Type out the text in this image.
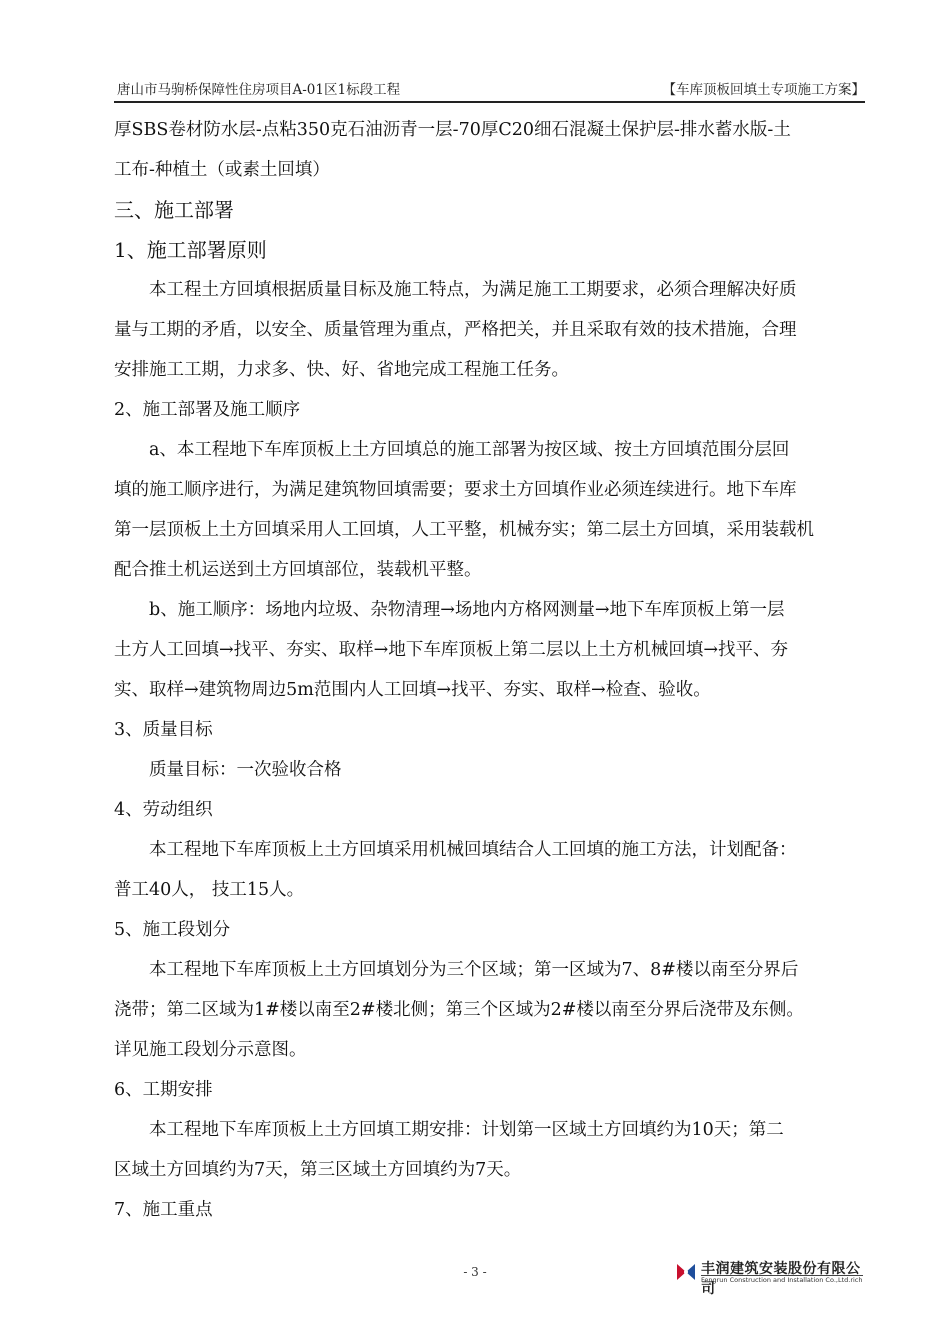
唐山市马驹桥保障性住房项目A-01区1标段工程	【车库顶板回填土专项施工方案】
厚SBS卷材防水层-点粘350克石油沥青一层-70厚C20细石混凝土保护层-排水蓄水版-土
工布-种植土（或素土回填）
三、施工部署
1、施工部署原则
本工程土方回填根据质量目标及施工特点，为满足施工工期要求，必须合理解决好质
量与工期的矛盾，以安全、质量管理为重点，严格把关，并且采取有效的技术措施，合理
安排施工工期，力求多、快、好、省地完成工程施工任务。
2、施工部署及施工顺序
a、本工程地下车库顶板上土方回填总的施工部署为按区域、按土方回填范围分层回
填的施工顺序进行，为满足建筑物回填需要；要求土方回填作业必须连续进行。地下车库
第一层顶板上土方回填采用人工回填，人工平整，机械夯实；第二层土方回填，采用装载机
配合推土机运送到土方回填部位，装载机平整。
b、施工顺序：场地内垃圾、杂物清理→场地内方格网测量→地下车库顶板上第一层
土方人工回填→找平、夯实、取样→地下车库顶板上第二层以上土方机械回填→找平、夯
实、取样→建筑物周边5m范围内人工回填→找平、夯实、取样→检查、验收。
3、质量目标
质量目标：一次验收合格
4、劳动组织
本工程地下车库顶板上土方回填采用机械回填结合人工回填的施工方法，计划配备：
普工40人， 技工15人。
5、施工段划分
本工程地下车库顶板上土方回填划分为三个区域；第一区域为7、8#楼以南至分界后
浇带；第二区域为1#楼以南至2#楼北侧；第三个区域为2#楼以南至分界后浇带及东侧。
详见施工段划分示意图。
6、工期安排
本工程地下车库顶板上土方回填工期安排：计划第一区域土方回填约为10天；第二
区域土方回填约为7天，第三区域土方回填约为7天。
7、施工重点
- 3 -	丰润建筑安装股份有限公司
Fengrun Construction and Installation Co.,Ltd.rich
